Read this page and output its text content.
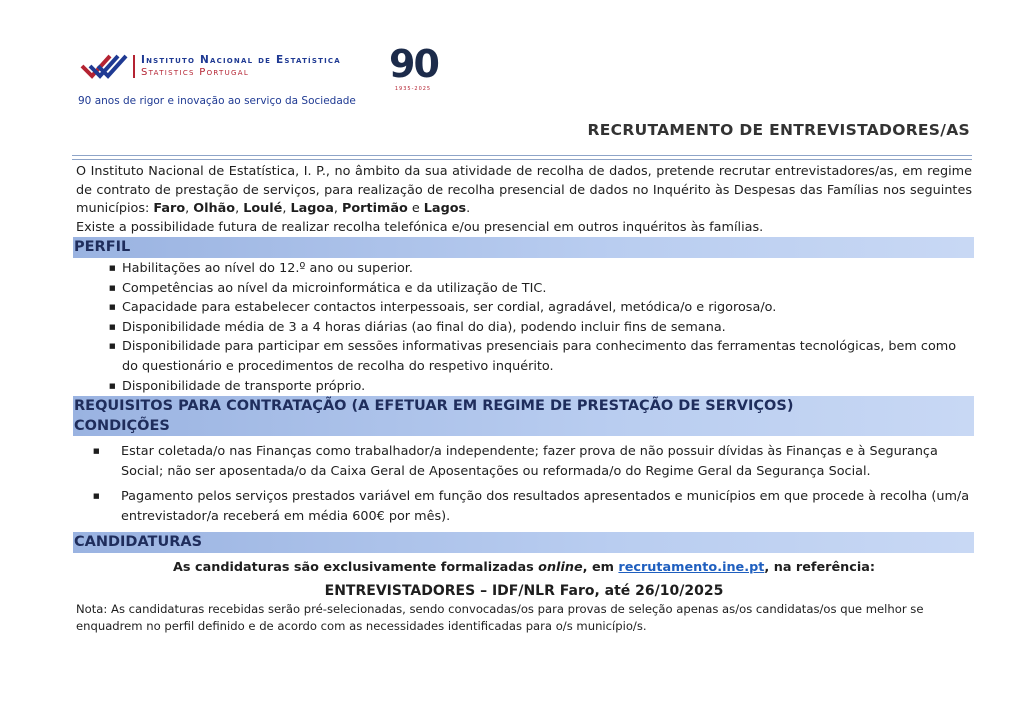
Instituto Nacional de Estatística
Statistics Portugal	90
1935-2025
90 anos de rigor e inovação ao serviço da Sociedade
RECRUTAMENTO DE ENTREVISTADORES/AS

O Instituto Nacional de Estatística, I. P., no âmbito da sua atividade de recolha de dados, pretende recrutar entrevistadores/as, em regime de contrato de prestação de serviços, para realização de recolha presencial de dados no Inquérito às Despesas das Famílias nos seguintes municípios: Faro, Olhão, Loulé, Lagoa, Portimão e Lagos.

Existe a possibilidade futura de realizar recolha telefónica e/ou presencial em outros inquéritos às famílias.

PERFIL
■ Habilitações ao nível do 12.º ano ou superior.
■ Competências ao nível da microinformática e da utilização de TIC.
■ Capacidade para estabelecer contactos interpessoais, ser cordial, agradável, metódica/o e rigorosa/o.
■ Disponibilidade média de 3 a 4 horas diárias (ao final do dia), podendo incluir fins de semana.
■ Disponibilidade para participar em sessões informativas presenciais para conhecimento das ferramentas tecnológicas, bem como do questionário e procedimentos de recolha do respetivo inquérito.
■ Disponibilidade de transporte próprio.
REQUISITOS PARA CONTRATAÇÃO (A EFETUAR EM REGIME DE PRESTAÇÃO DE SERVIÇOS)
CONDIÇÕES
■ Estar coletada/o nas Finanças como trabalhador/a independente; fazer prova de não possuir dívidas às Finanças e à Segurança Social; não ser aposentada/o da Caixa Geral de Aposentações ou reformada/o do Regime Geral da Segurança Social.
■ Pagamento pelos serviços prestados variável em função dos resultados apresentados e municípios em que procede à recolha (um/a entrevistador/a receberá em média 600€ por mês).
CANDIDATURAS
As candidaturas são exclusivamente formalizadas online, em recrutamento.ine.pt, na referência:
ENTREVISTADORES – IDF/NLR Faro, até 26/10/2025
Nota: As candidaturas recebidas serão pré-selecionadas, sendo convocadas/os para provas de seleção apenas as/os candidatas/os que melhor se enquadrem no perfil definido e de acordo com as necessidades identificadas para o/s município/s.
